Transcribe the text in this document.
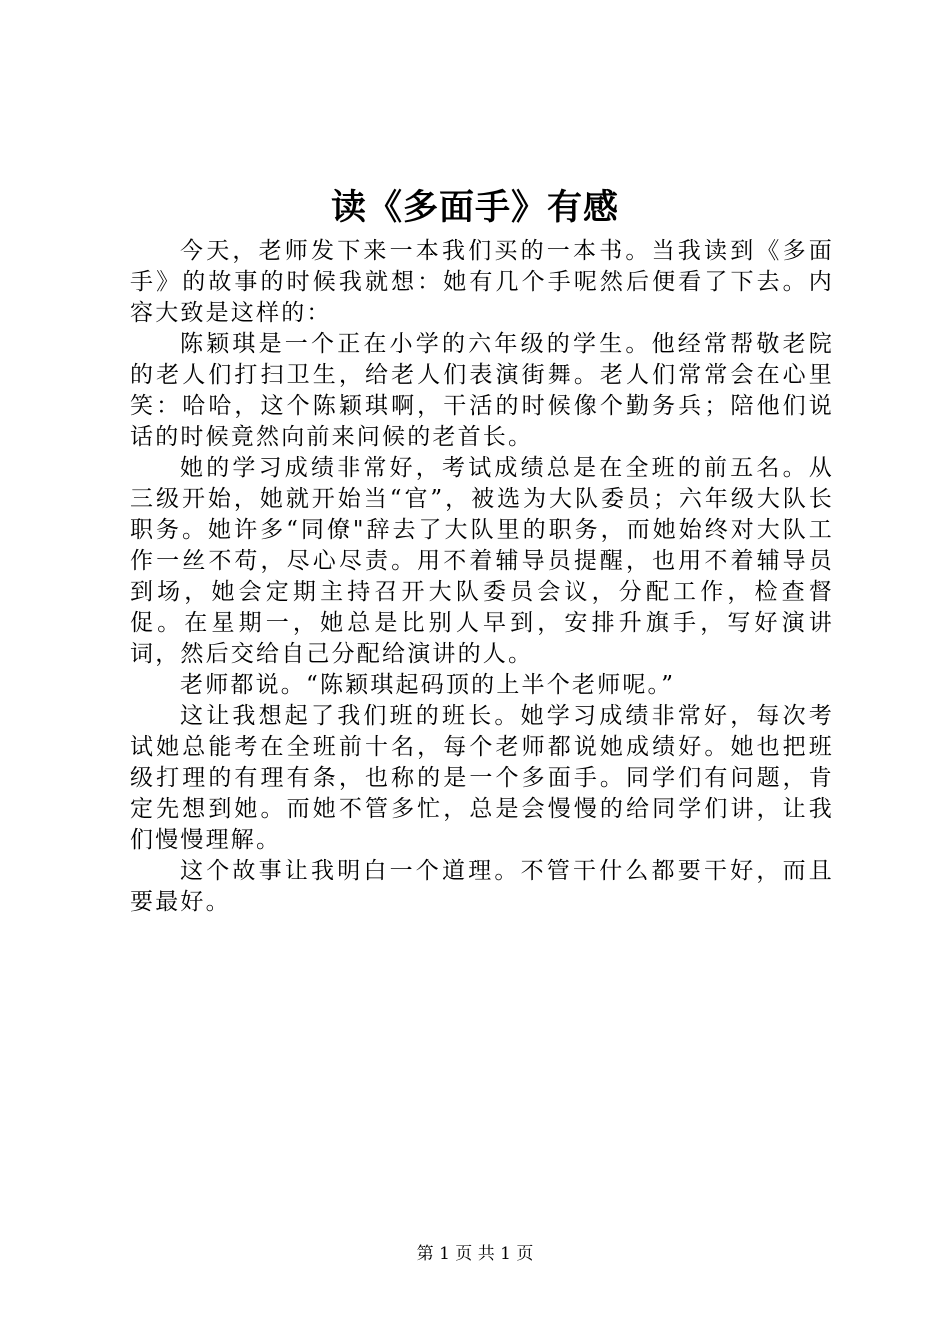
读《多面手》有感

今天，老师发下来一本我们买的一本书。当我读到《多面手》的故事的时候我就想：她有几个手呢然后便看了下去。内容大致是这样的：

陈颖琪是一个正在小学的六年级的学生。他经常帮敬老院的老人们打扫卫生，给老人们表演街舞。老人们常常会在心里笑：哈哈，这个陈颖琪啊，干活的时候像个勤务兵；陪他们说话的时候竟然向前来问候的老首长。

她的学习成绩非常好，考试成绩总是在全班的前五名。从三级开始，她就开始当“官”，被选为大队委员；六年级大队长职务。她许多“同僚"辞去了大队里的职务，而她始终对大队工作一丝不苟，尽心尽责。用不着辅导员提醒，也用不着辅导员到场，她会定期主持召开大队委员会议，分配工作，检查督促。在星期一，她总是比别人早到，安排升旗手，写好演讲词，然后交给自己分配给演讲的人。

老师都说。“陈颖琪起码顶的上半个老师呢。”

这让我想起了我们班的班长。她学习成绩非常好，每次考试她总能考在全班前十名，每个老师都说她成绩好。她也把班级打理的有理有条，也称的是一个多面手。同学们有问题，肯定先想到她。而她不管多忙，总是会慢慢的给同学们讲，让我们慢慢理解。

这个故事让我明白一个道理。不管干什么都要干好，而且要最好。

第 1 页 共 1 页
